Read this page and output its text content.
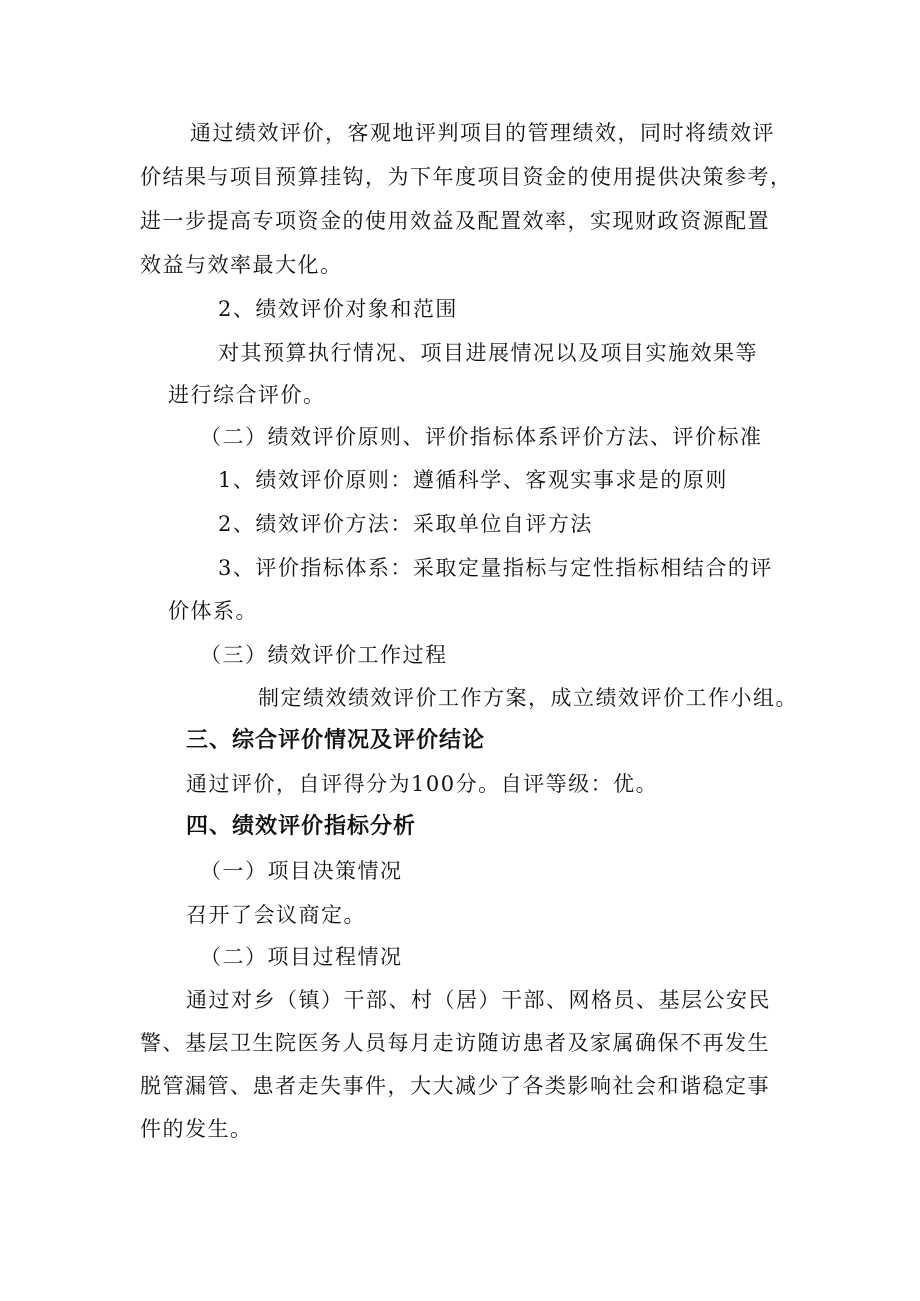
通过绩效评价，客观地评判项目的管理绩效，同时将绩效评
价结果与项目预算挂钩，为下年度项目资金的使用提供决策参考，
进一步提高专项资金的使用效益及配置效率，实现财政资源配置
效益与效率最大化。
2、绩效评价对象和范围
对其预算执行情况、项目进展情况以及项目实施效果等
进行综合评价。
（二）绩效评价原则、评价指标体系评价方法、评价标准
1、绩效评价原则：遵循科学、客观实事求是的原则
2、绩效评价方法：采取单位自评方法
3、评价指标体系：采取定量指标与定性指标相结合的评
价体系。
（三）绩效评价工作过程
制定绩效绩效评价工作方案，成立绩效评价工作小组。
三、综合评价情况及评价结论
通过评价，自评得分为100分。自评等级：优。
四、绩效评价指标分析
（一）项目决策情况
召开了会议商定。
（二）项目过程情况
通过对乡（镇）干部、村（居）干部、网格员、基层公安民
警、基层卫生院医务人员每月走访随访患者及家属确保不再发生
脱管漏管、患者走失事件，大大减少了各类影响社会和谐稳定事
件的发生。
